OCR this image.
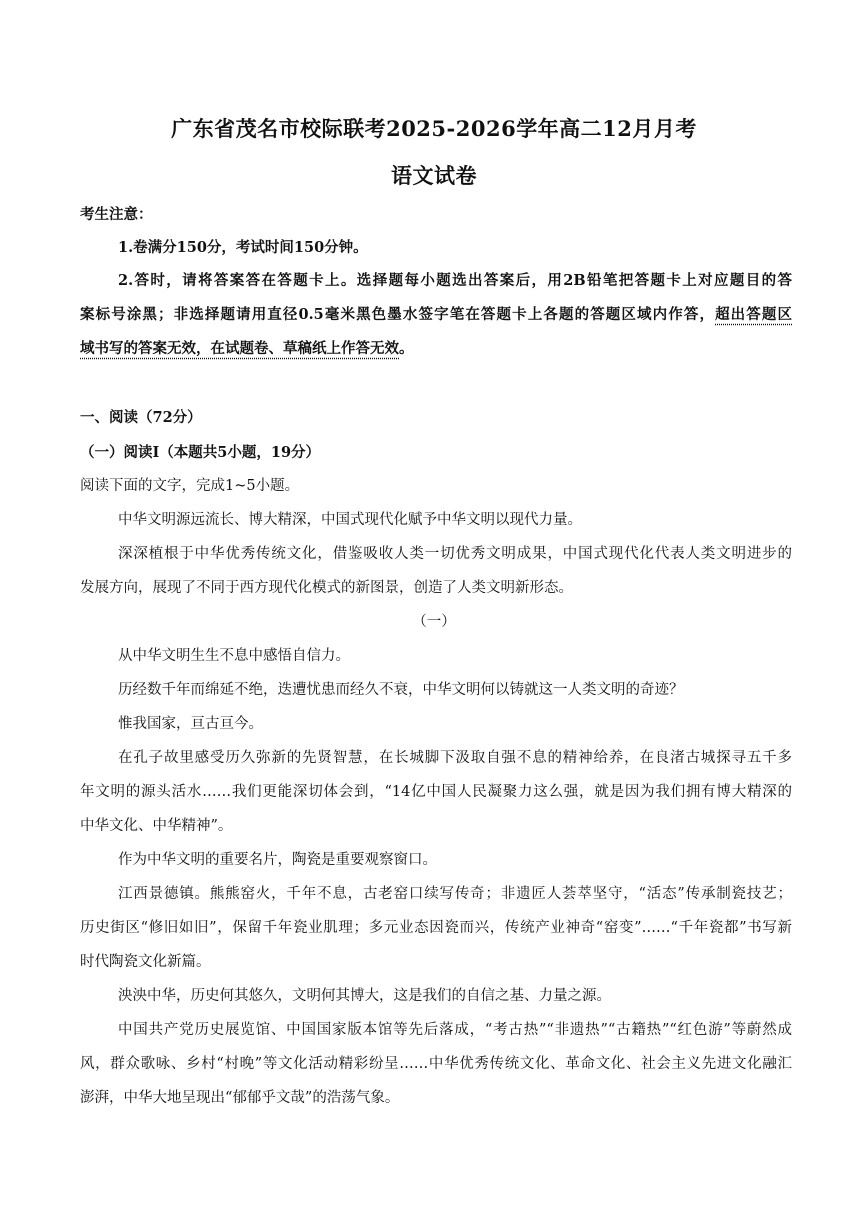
广东省茂名市校际联考2025-2026学年高二12月月考
语文试卷
考生注意：
1.卷满分150分，考试时间150分钟。
2.答时，请将答案答在答题卡上。选择题每小题选出答案后，用2B铅笔把答题卡上对应题目的答
案标号涂黑；非选择题请用直径0.5毫米黑色墨水签字笔在答题卡上各题的答题区域内作答，超出答题区
域书写的答案无效，在试题卷、草稿纸上作答无效。
一、阅读（72分）
（一）阅读I（本题共5小题，19分）
阅读下面的文字，完成1~5小题。
中华文明源远流长、博大精深，中国式现代化赋予中华文明以现代力量。
深深植根于中华优秀传统文化，借鉴吸收人类一切优秀文明成果，中国式现代化代表人类文明进步的
发展方向，展现了不同于西方现代化模式的新图景，创造了人类文明新形态。
（一）
从中华文明生生不息中感悟自信力。
历经数千年而绵延不绝，迭遭忧患而经久不衰，中华文明何以铸就这一人类文明的奇迹？
惟我国家，亘古亘今。
在孔子故里感受历久弥新的先贤智慧，在长城脚下汲取自强不息的精神给养，在良渚古城探寻五千多
年文明的源头活水……我们更能深切体会到，“14亿中国人民凝聚力这么强，就是因为我们拥有博大精深的
中华文化、中华精神”。
作为中华文明的重要名片，陶瓷是重要观察窗口。
江西景德镇。熊熊窑火，千年不息，古老窑口续写传奇；非遗匠人荟萃坚守，“活态”传承制瓷技艺；
历史街区“修旧如旧”，保留千年瓷业肌理；多元业态因瓷而兴，传统产业神奇“窑变”……“千年瓷都”书写新
时代陶瓷文化新篇。
泱泱中华，历史何其悠久，文明何其博大，这是我们的自信之基、力量之源。
中国共产党历史展览馆、中国国家版本馆等先后落成，“考古热”“非遗热”“古籍热”“红色游”等蔚然成
风，群众歌咏、乡村“村晚”等文化活动精彩纷呈……中华优秀传统文化、革命文化、社会主义先进文化融汇
澎湃，中华大地呈现出“郁郁乎文哉”的浩荡气象。
